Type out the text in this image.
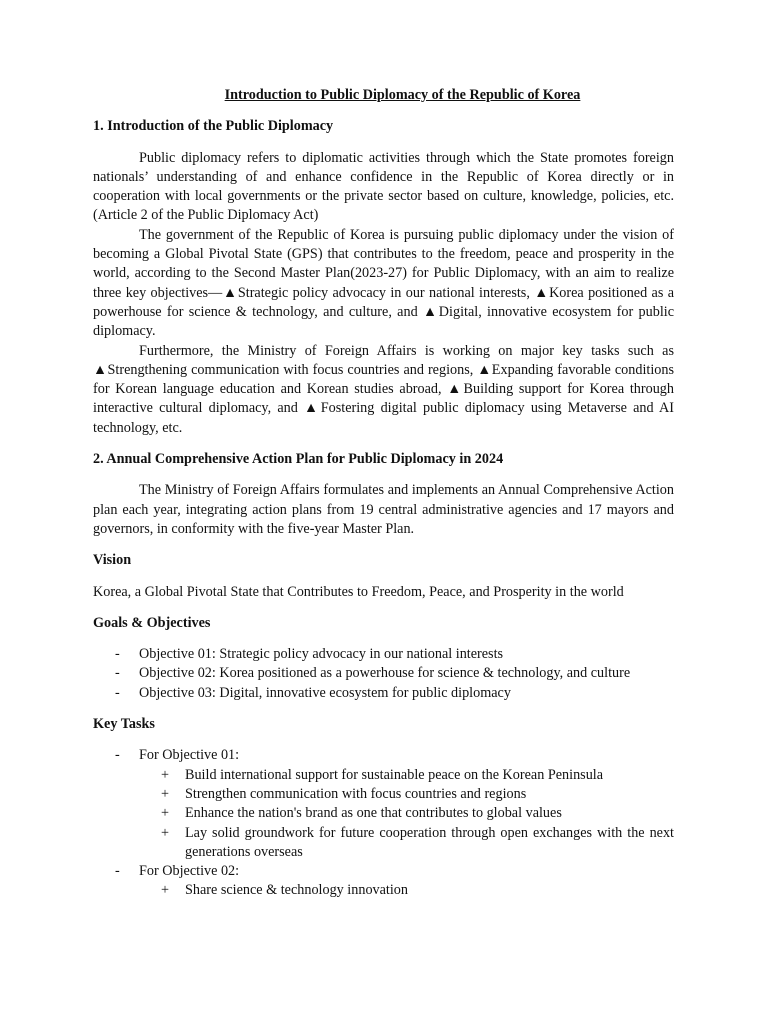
Introduction to Public Diplomacy of the Republic of Korea
1. Introduction of the Public Diplomacy

Public diplomacy refers to diplomatic activities through which the State promotes foreign nationals’ understanding of and enhance confidence in the Republic of Korea directly or in cooperation with local governments or the private sector based on culture, knowledge, policies, etc. (Article 2 of the Public Diplomacy Act)

The government of the Republic of Korea is pursuing public diplomacy under the vision of becoming a Global Pivotal State (GPS) that contributes to the freedom, peace and prosperity in the world, according to the Second Master Plan(2023-27) for Public Diplomacy, with an aim to realize three key objectives—▲Strategic policy advocacy in our national interests, ▲Korea positioned as a powerhouse for science & technology, and culture, and ▲Digital, innovative ecosystem for public diplomacy.

Furthermore, the Ministry of Foreign Affairs is working on major key tasks such as ▲Strengthening communication with focus countries and regions, ▲Expanding favorable conditions for Korean language education and Korean studies abroad, ▲Building support for Korea through interactive cultural diplomacy, and ▲Fostering digital public diplomacy using Metaverse and AI technology, etc.

2. Annual Comprehensive Action Plan for Public Diplomacy in 2024

The Ministry of Foreign Affairs formulates and implements an Annual Comprehensive Action plan each year, integrating action plans from 19 central administrative agencies and 17 mayors and governors, in conformity with the five-year Master Plan.

Vision

Korea, a Global Pivotal State that Contributes to Freedom, Peace, and Prosperity in the world

Goals & Objectives
- Objective 01: Strategic policy advocacy in our national interests
- Objective 02: Korea positioned as a powerhouse for science & technology, and culture
- Objective 03: Digital, innovative ecosystem for public diplomacy
Key Tasks
- For Objective 01:
+ Build international support for sustainable peace on the Korean Peninsula
+ Strengthen communication with focus countries and regions
+ Enhance the nation's brand as one that contributes to global values
+ Lay solid groundwork for future cooperation through open exchanges with the next generations overseas
- For Objective 02:
+ Share science & technology innovation
